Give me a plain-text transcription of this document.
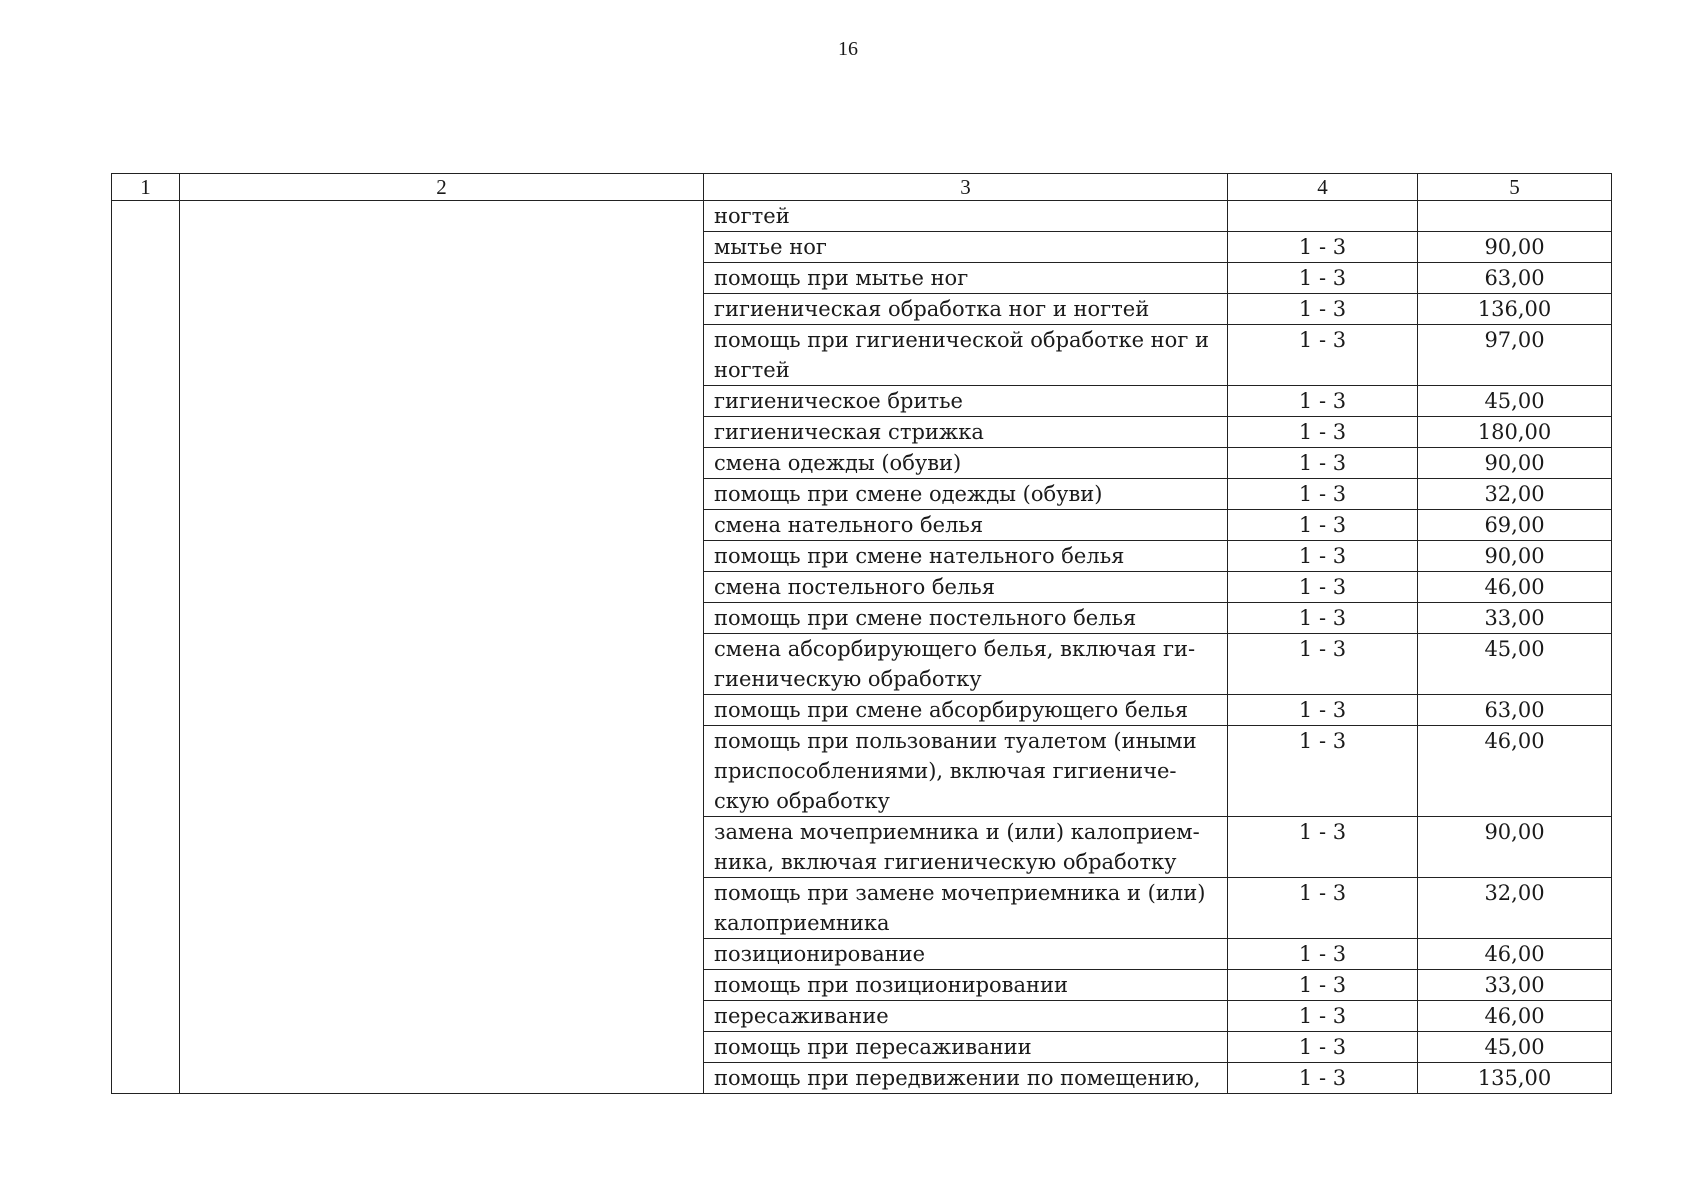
16
1	2	3	4	5
		ногтей		
		мытье ног	1 - 3	90,00
		помощь при мытье ног	1 - 3	63,00
		гигиеническая обработка ног и ногтей	1 - 3	136,00
		помощь при гигиенической обработке ног и ногтей	1 - 3	97,00
		гигиеническое бритье	1 - 3	45,00
		гигиеническая стрижка	1 - 3	180,00
		смена одежды (обуви)	1 - 3	90,00
		помощь при смене одежды (обуви)	1 - 3	32,00
		смена нательного белья	1 - 3	69,00
		помощь при смене нательного белья	1 - 3	90,00
		смена постельного белья	1 - 3	46,00
		помощь при смене постельного белья	1 - 3	33,00
		смена абсорбирующего белья, включая ги-гиеническую обработку	1 - 3	45,00
		помощь при смене абсорбирующего белья	1 - 3	63,00
		помощь при пользовании туалетом (иными приспособлениями), включая гигиениче-скую обработку	1 - 3	46,00
		замена мочеприемника и (или) калоприем-ника, включая гигиеническую обработку	1 - 3	90,00
		помощь при замене мочеприемника и (или) калоприемника	1 - 3	32,00
		позиционирование	1 - 3	46,00
		помощь при позиционировании	1 - 3	33,00
		пересаживание	1 - 3	46,00
		помощь при пересаживании	1 - 3	45,00
		помощь при передвижении по помещению,	1 - 3	135,00
